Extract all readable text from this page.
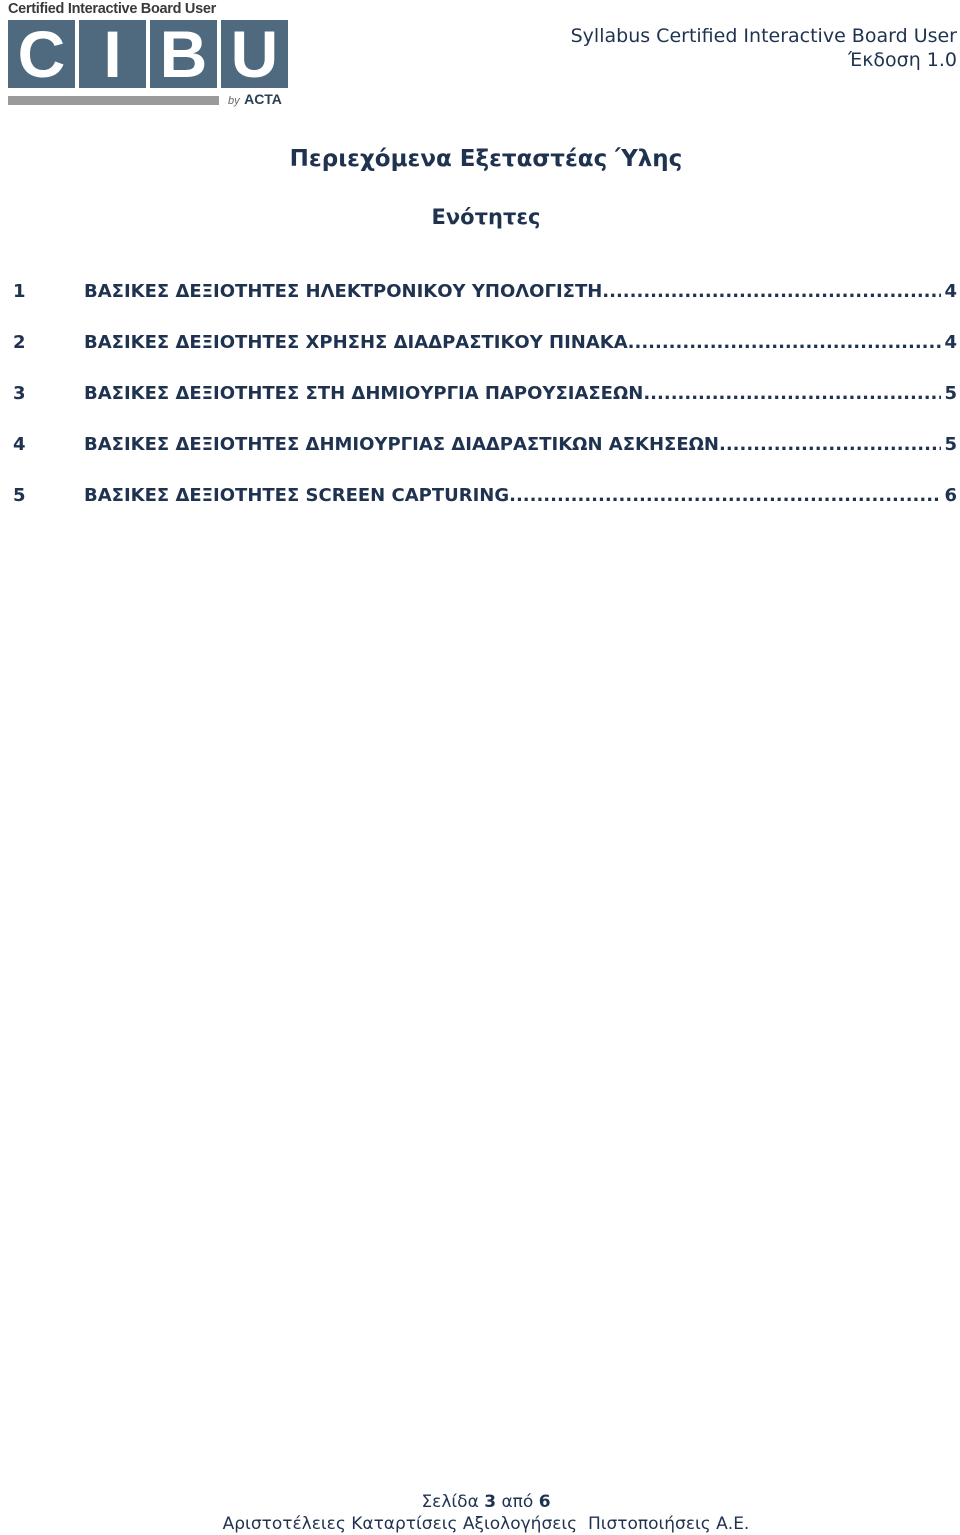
Certified Interactive Board User
C I B U
by ACTA
Syllabus Certified Interactive Board User
Έκδοση 1.0
Περιεχόμενα Εξεταστέας Ύλης
Ενότητες
1	ΒΑΣΙΚΕΣ ΔΕΞΙΟΤΗΤΕΣ ΗΛΕΚΤΡΟΝΙΚΟΥ ΥΠΟΛΟΓΙΣΤΗ .....	4
2	ΒΑΣΙΚΕΣ ΔΕΞΙΟΤΗΤΕΣ ΧΡΗΣΗΣ ΔΙΑΔΡΑΣΤΙΚΟΥ ΠΙΝΑΚΑ .....	4
3	ΒΑΣΙΚΕΣ ΔΕΞΙΟΤΗΤΕΣ ΣΤΗ ΔΗΜΙΟΥΡΓΙΑ ΠΑΡΟΥΣΙΑΣΕΩΝ .....	5
4	ΒΑΣΙΚΕΣ ΔΕΞΙΟΤΗΤΕΣ ΔΗΜΙΟΥΡΓΙΑΣ ΔΙΑΔΡΑΣΤΙΚΩΝ ΑΣΚΗΣΕΩΝ .....	5
5	ΒΑΣΙΚΕΣ ΔΕΞΙΟΤΗΤΕΣ SCREEN CAPTURING .....	6
Σελίδα 3 από 6
Αριστοτέλειες Καταρτίσεις Αξιολογήσεις  Πιστοποιήσεις Α.Ε.
